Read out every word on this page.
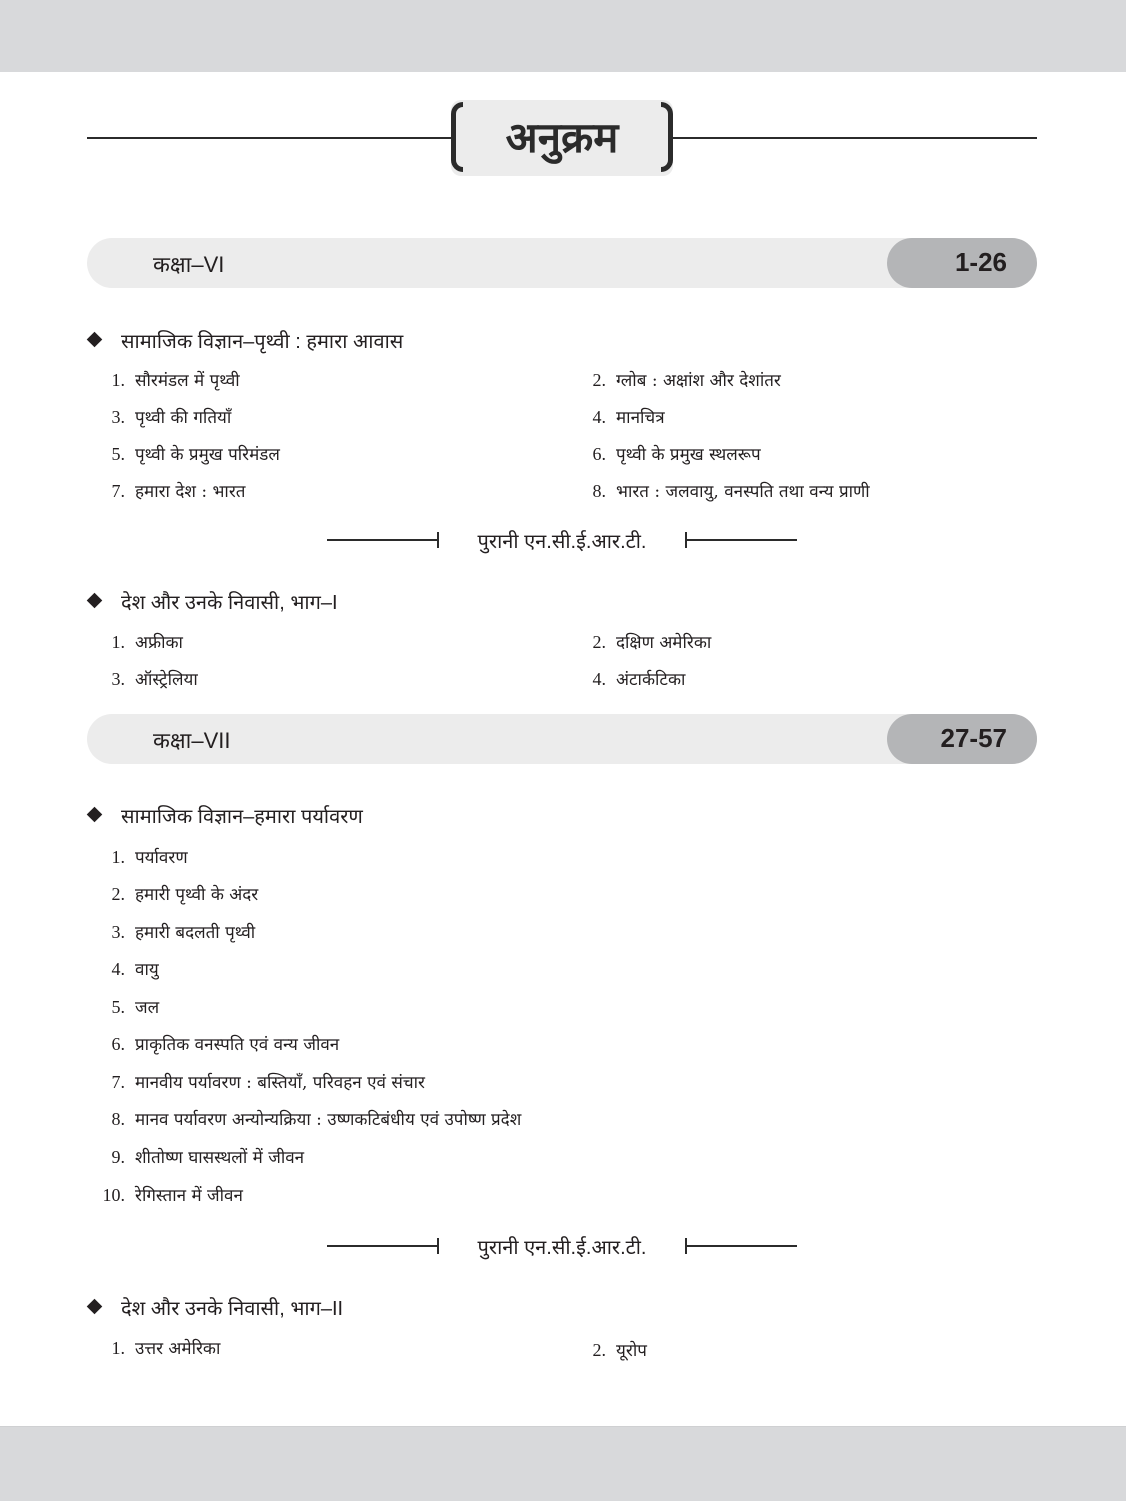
अनुक्रम
कक्षा–VI	1-26
सामाजिक विज्ञान–पृथ्वी : हमारा आवास
1. सौरमंडल में पृथ्वी	2. ग्लोब : अक्षांश और देशांतर
3. पृथ्वी की गतियाँ	4. मानचित्र
5. पृथ्वी के प्रमुख परिमंडल	6. पृथ्वी के प्रमुख स्थलरूप
7. हमारा देश : भारत	8. भारत : जलवायु, वनस्पति तथा वन्य प्राणी
पुरानी एन.सी.ई.आर.टी.
देश और उनके निवासी, भाग–I
1. अफ्रीका	2. दक्षिण अमेरिका
3. ऑस्ट्रेलिया	4. अंटार्कटिका
कक्षा–VII	27-57
सामाजिक विज्ञान–हमारा पर्यावरण
1. पर्यावरण
2. हमारी पृथ्वी के अंदर
3. हमारी बदलती पृथ्वी
4. वायु
5. जल
6. प्राकृतिक वनस्पति एवं वन्य जीवन
7. मानवीय पर्यावरण : बस्तियाँ, परिवहन एवं संचार
8. मानव पर्यावरण अन्योन्यक्रिया : उष्णकटिबंधीय एवं उपोष्ण प्रदेश
9. शीतोष्ण घासस्थलों में जीवन
10. रेगिस्तान में जीवन
पुरानी एन.सी.ई.आर.टी.
देश और उनके निवासी, भाग–II
1. उत्तर अमेरिका	2. यूरोप
